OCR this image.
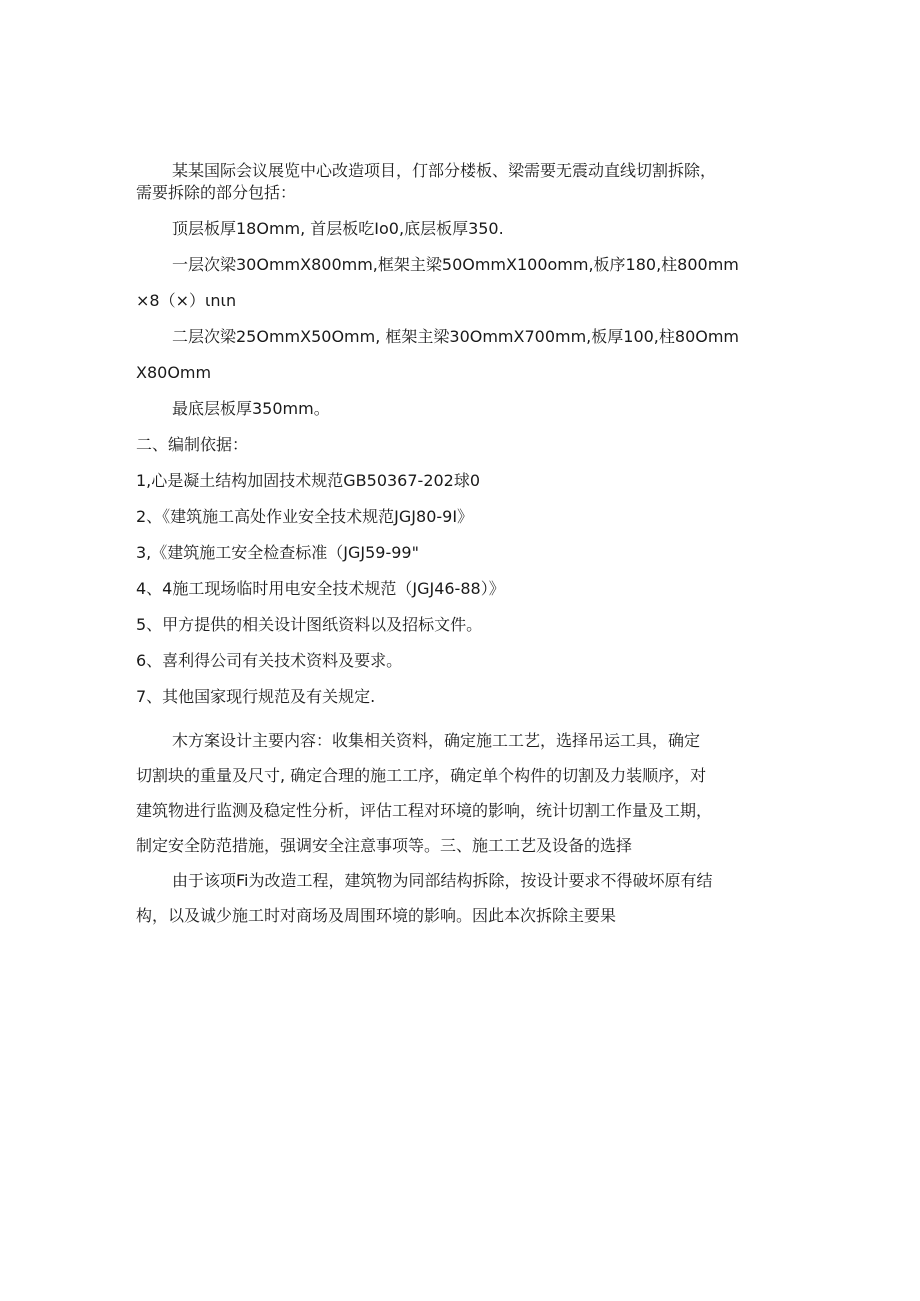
某某国际会议展览中心改造项目，仃部分楼板、梁需要无震动直线切割拆除，
需要拆除的部分包括：
顶层板厚18Omm, 首层板吃Io0,底层板厚350.
一层次梁30OmmX800mm,框架主梁50OmmX100omm,板序180,柱800mm
×8（×）ιnιn
二层次梁25OmmX50Omm, 框架主梁30OmmX700mm,板厚100,柱80Omm
X80Omm
最底层板厚350mm。
二、编制依据：
1,心是凝土结构加固技术规范GB50367-202球0
2、《建筑施工高处作业安全技术规范JGJ80-9I》
3,《建筑施工安全检查标准（JGJ59-99"
4、4施工现场临时用电安全技术规范（JGJ46-88）》
5、甲方提供的相关设计图纸资料以及招标文件。
6、喜利得公司有关技术资料及要求。
7、其他国家现行规范及有关规定.
木方案设计主要内容：收集相关资料，确定施工工艺，选择吊运工具，确定
切割块的重量及尺寸, 确定合理的施工工序，确定单个构件的切割及力装顺序，对
建筑物进行监测及稳定性分析，评估工程对环境的影响，统计切割工作量及工期，
制定安全防范措施，强调安全注意事项等。三、施工工艺及设备的选择
由于该项Fi为改造工程，建筑物为同部结构拆除，按设计要求不得破坏原有结
构，以及诚少施工时对商场及周围环境的影响。因此本次拆除主要果
